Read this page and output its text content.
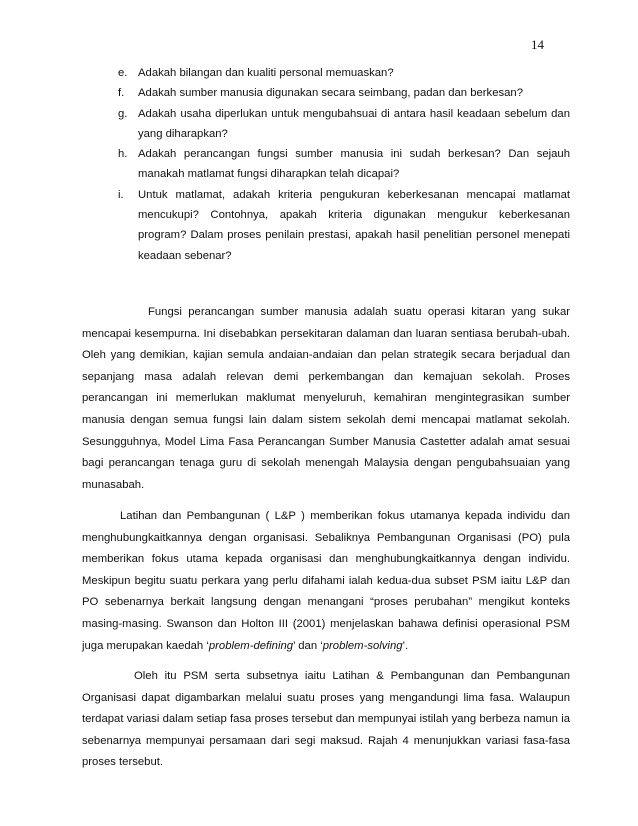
14
e. Adakah bilangan dan kualiti personal memuaskan?
f. Adakah sumber manusia digunakan secara seimbang, padan dan berkesan?
g. Adakah usaha diperlukan untuk mengubahsuai di antara hasil keadaan sebelum dan yang diharapkan?
h. Adakah perancangan fungsi sumber manusia ini sudah berkesan? Dan sejauh manakah matlamat fungsi diharapkan telah dicapai?
i. Untuk matlamat, adakah kriteria pengukuran keberkesanan mencapai matlamat mencukupi? Contohnya, apakah kriteria digunakan mengukur keberkesanan program? Dalam proses penilain prestasi, apakah hasil penelitian personel menepati keadaan sebenar?

Fungsi perancangan sumber manusia adalah suatu operasi kitaran yang sukar mencapai kesempurna. Ini disebabkan persekitaran dalaman dan luaran sentiasa berubah-ubah. Oleh yang demikian, kajian semula andaian-andaian dan pelan strategik secara berjadual dan sepanjang masa adalah relevan demi perkembangan dan kemajuan sekolah. Proses perancangan ini memerlukan maklumat menyeluruh, kemahiran mengintegrasikan sumber manusia dengan semua fungsi lain dalam sistem sekolah demi mencapai matlamat sekolah. Sesungguhnya, Model Lima Fasa Perancangan Sumber Manusia Castetter adalah amat sesuai bagi perancangan tenaga guru di sekolah menengah Malaysia dengan pengubahsuaian yang munasabah.

Latihan dan Pembangunan ( L&P ) memberikan fokus utamanya kepada individu dan menghubungkaitkannya dengan organisasi. Sebaliknya Pembangunan Organisasi (PO) pula memberikan fokus utama kepada organisasi dan menghubungkaitkannya dengan individu. Meskipun begitu suatu perkara yang perlu difahami ialah kedua-dua subset PSM iaitu L&P dan PO sebenarnya berkait langsung dengan menangani “proses perubahan” mengikut konteks masing-masing. Swanson dan Holton III (2001) menjelaskan bahawa definisi operasional PSM juga merupakan kaedah ‘problem-defining’ dan ‘problem-solving’.

Oleh itu PSM serta subsetnya iaitu Latihan & Pembangunan dan Pembangunan Organisasi dapat digambarkan melalui suatu proses yang mengandungi lima fasa. Walaupun terdapat variasi dalam setiap fasa proses tersebut dan mempunyai istilah yang berbeza namun ia sebenarnya mempunyai persamaan dari segi maksud. Rajah 4 menunjukkan variasi fasa-fasa proses tersebut.
